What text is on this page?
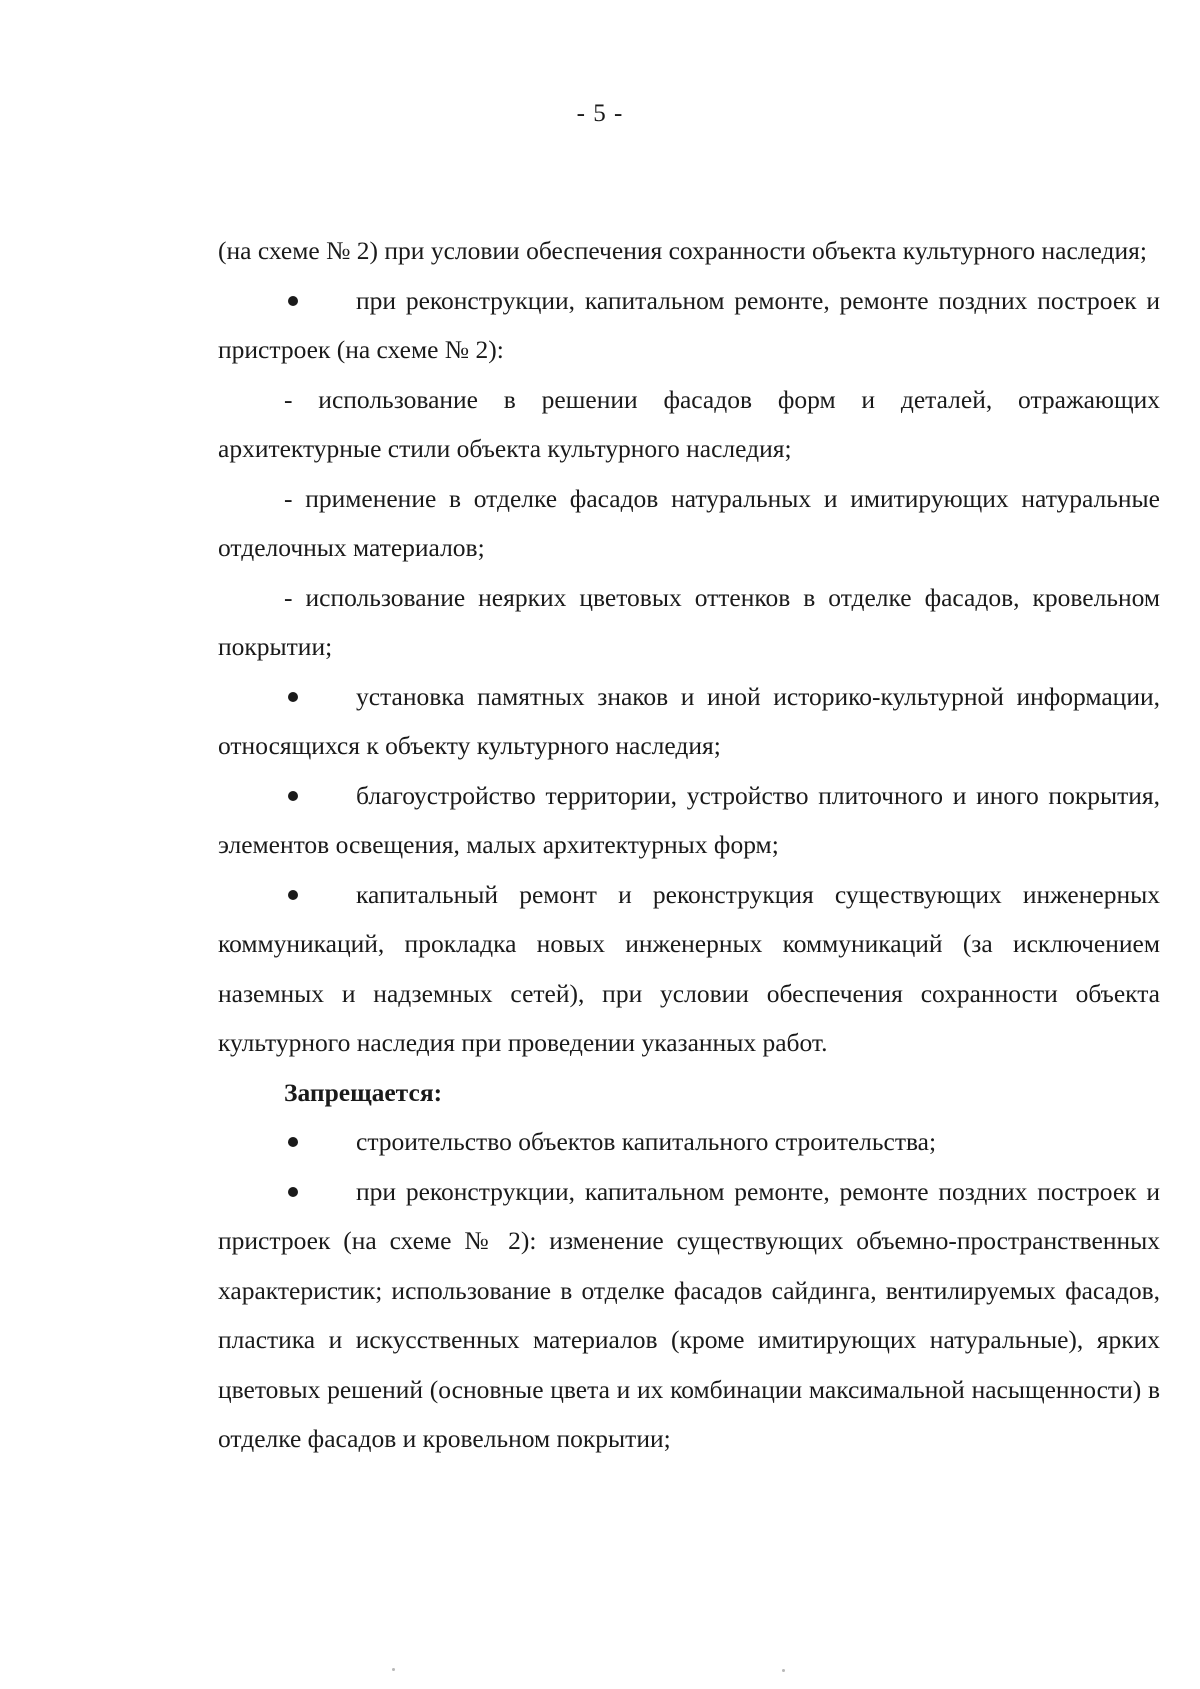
- 5 -

(на схеме № 2) при условии обеспечения сохранности объекта культурного наследия;

при реконструкции, капитальном ремонте, ремонте поздних построек и пристроек (на схеме № 2):

- использование в решении фасадов форм и деталей, отражающих архитектурные стили объекта культурного наследия;

- применение в отделке фасадов натуральных и имитирующих натуральные отделочных материалов;

- использование неярких цветовых оттенков в отделке фасадов, кровельном покрытии;

установка памятных знаков и иной историко-культурной информации, относящихся к объекту культурного наследия;

благоустройство территории, устройство плиточного и иного покрытия, элементов освещения, малых архитектурных форм;

капитальный ремонт и реконструкция существующих инженерных коммуникаций, прокладка новых инженерных коммуникаций (за исключением наземных и надземных сетей), при условии обеспечения сохранности объекта культурного наследия при проведении указанных работ.

Запрещается:

строительство объектов капитального строительства;

при реконструкции, капитальном ремонте, ремонте поздних построек и пристроек (на схеме № 2): изменение существующих объемно-пространственных характеристик; использование в отделке фасадов сайдинга, вентилируемых фасадов, пластика и искусственных материалов (кроме имитирующих натуральные), ярких цветовых решений (основные цвета и их комбинации максимальной насыщенности) в отделке фасадов и кровельном покрытии;
